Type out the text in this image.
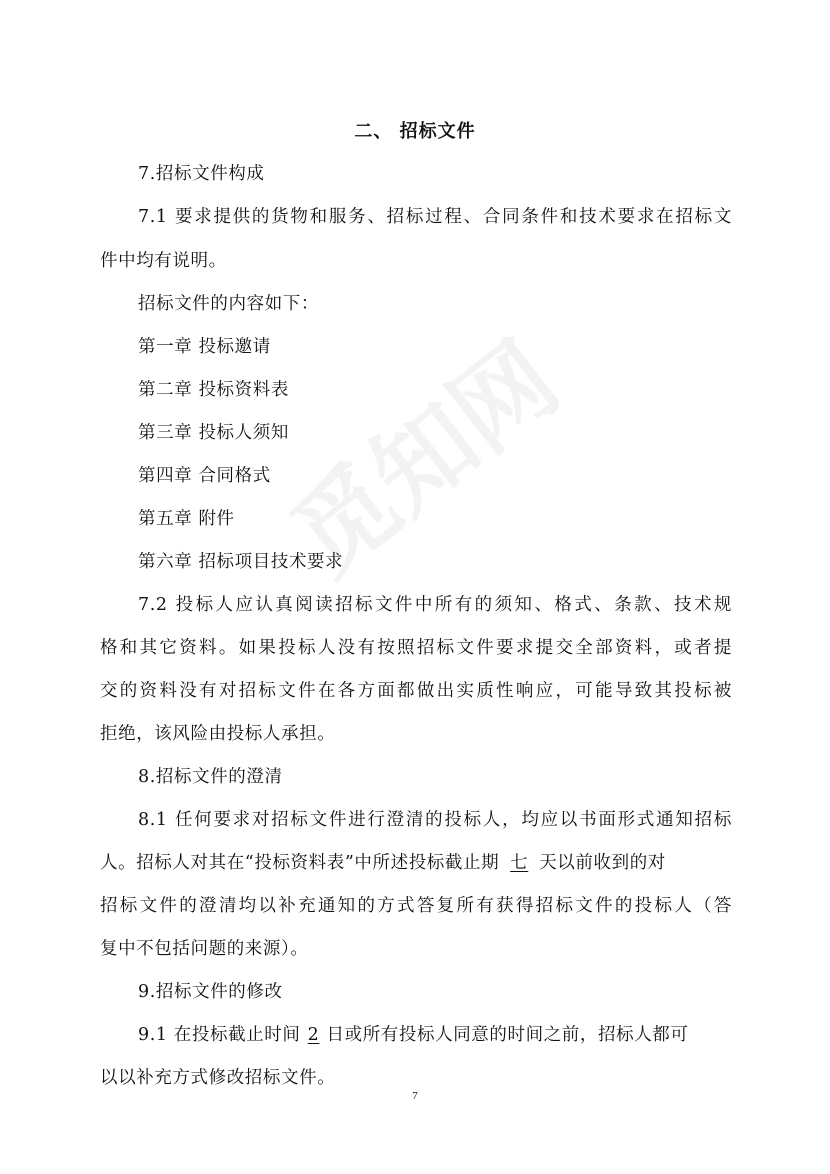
二、 招标文件
7.招标文件构成
7.1 要求提供的货物和服务、招标过程、合同条件和技术要求在招标文
件中均有说明。
招标文件的内容如下：
第一章 投标邀请
第二章 投标资料表
第三章 投标人须知
第四章 合同格式
第五章 附件
第六章 招标项目技术要求
7.2 投标人应认真阅读招标文件中所有的须知、格式、条款、技术规
格和其它资料。如果投标人没有按照招标文件要求提交全部资料，或者提
交的资料没有对招标文件在各方面都做出实质性响应，可能导致其投标被
拒绝，该风险由投标人承担。
8.招标文件的澄清
8.1 任何要求对招标文件进行澄清的投标人，均应以书面形式通知招标
人。招标人对其在“投标资料表”中所述投标截止期 七 天以前收到的对
招标文件的澄清均以补充通知的方式答复所有获得招标文件的投标人（答
复中不包括问题的来源）。
9.招标文件的修改
9.1 在投标截止时间 2 日或所有投标人同意的时间之前，招标人都可
以以补充方式修改招标文件。
7
